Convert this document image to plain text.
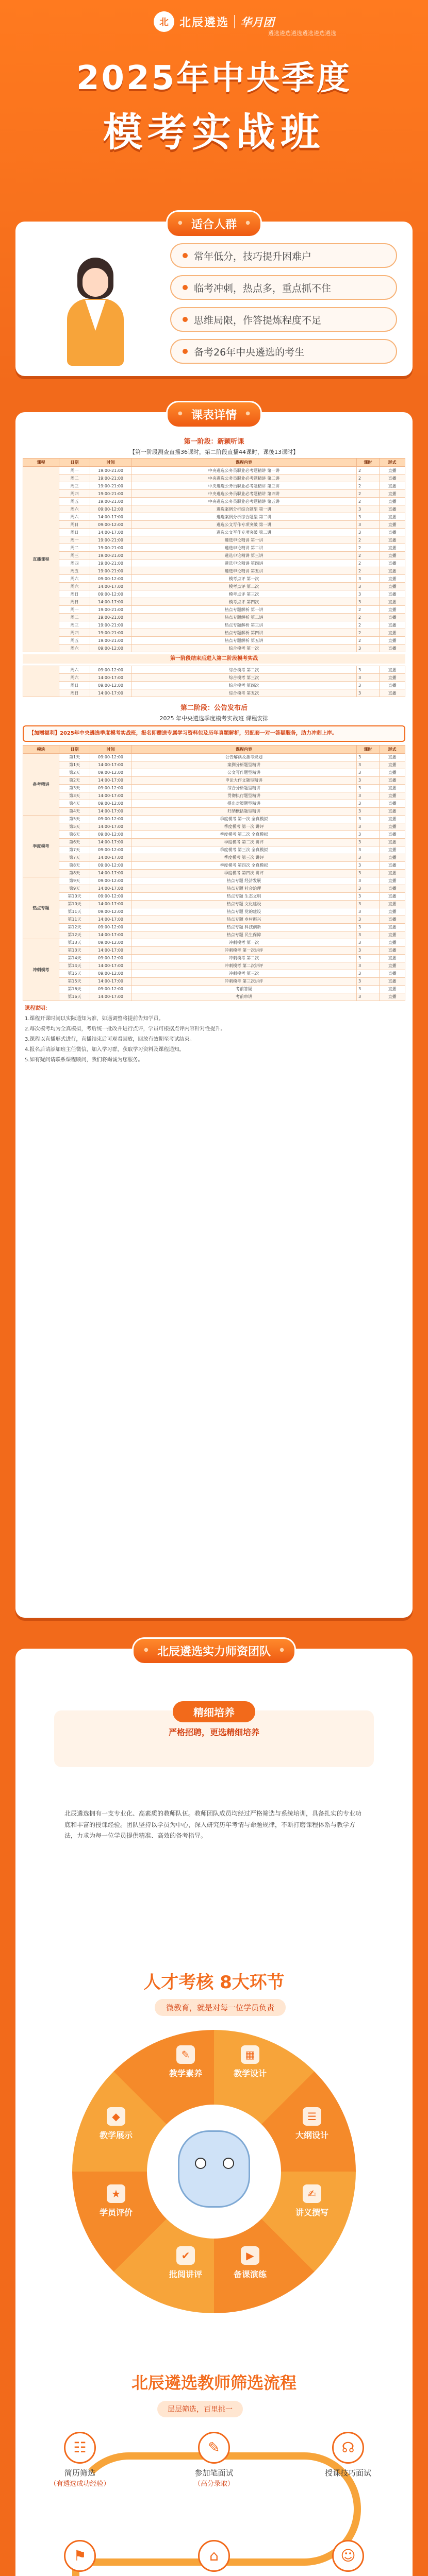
北 北辰遴选 华月团
遴选遴选遴选遴选遴选遴选
2025年中央季度
模考实战班
● 适合人群 ●
常年低分，技巧提升困难户
临考冲刺，热点多，重点抓不住
思维局限，作答提炼程度不足
备考26年中央遴选的考生
● 课表详情 ●
第一阶段：新颖听课
【第一阶段测查直播36课时，第二阶段直播44课时，课後13课时】
课程	日期	时间	课程内容	课时	形式
直播课程	周一	19:00-21:00	中央遴选公务员职业必考题精讲 第一讲	2	直播
	周二	19:00-21:00	中央遴选公务员职业必考题精讲 第二讲	2	直播
	周三	19:00-21:00	中央遴选公务员职业必考题精讲 第三讲	2	直播
	周四	19:00-21:00	中央遴选公务员职业必考题精讲 第四讲	2	直播
	周五	19:00-21:00	中央遴选公务员职业必考题精讲 第五讲	2	直播
	周六	09:00-12:00	遴选案例分析综合题型 第一讲	3	直播
	周六	14:00-17:00	遴选案例分析综合题型 第二讲	3	直播
	周日	09:00-12:00	遴选公文写作专项突破 第一讲	3	直播
	周日	14:00-17:00	遴选公文写作专项突破 第二讲	3	直播
	周一	19:00-21:00	遴选申论精讲 第一讲	2	直播
	周二	19:00-21:00	遴选申论精讲 第二讲	2	直播
	周三	19:00-21:00	遴选申论精讲 第三讲	2	直播
	周四	19:00-21:00	遴选申论精讲 第四讲	2	直播
	周五	19:00-21:00	遴选申论精讲 第五讲	2	直播
	周六	09:00-12:00	模考点评 第一次	3	直播
	周六	14:00-17:00	模考点评 第二次	3	直播
	周日	09:00-12:00	模考点评 第三次	3	直播
	周日	14:00-17:00	模考点评 第四次	3	直播
	周一	19:00-21:00	热点专题解析 第一讲	2	直播
	周二	19:00-21:00	热点专题解析 第二讲	2	直播
	周三	19:00-21:00	热点专题解析 第三讲	2	直播
	周四	19:00-21:00	热点专题解析 第四讲	2	直播
	周五	19:00-21:00	热点专题解析 第五讲	2	直播
	周六	09:00-12:00	综合模考 第一次	3	直播
第一阶段结束后进入第二阶段模考实战
	周六	09:00-12:00	综合模考 第二次	3	直播
	周六	14:00-17:00	综合模考 第三次	3	直播
	周日	09:00-12:00	综合模考 第四次	3	直播
	周日	14:00-17:00	综合模考 第五次	3	直播
第二阶段：公告发布后
2025 年中央遴选季度模考实战班 课程安排
【加赠福利】2025年中央遴选季度模考实战班，报名即赠送专属学习资料包及历年真题解析，另配套一对一答疑服务，助力冲刺上岸。
模块	日期	时间	课程内容	课时	形式
备考精讲	第1天	09:00-12:00	公告解读及备考规划	3	直播
	第1天	14:00-17:00	案例分析题型精讲	3	直播
	第2天	09:00-12:00	公文写作题型精讲	3	直播
	第2天	14:00-17:00	申论大作文题型精讲	3	直播
	第3天	09:00-12:00	综合分析题型精讲	3	直播
	第3天	14:00-17:00	贯彻执行题型精讲	3	直播
	第4天	09:00-12:00	提出对策题型精讲	3	直播
	第4天	14:00-17:00	归纳概括题型精讲	3	直播
季度模考	第5天	09:00-12:00	季度模考 第一次 全真模拟	3	直播
	第5天	14:00-17:00	季度模考 第一次 讲评	3	直播
	第6天	09:00-12:00	季度模考 第二次 全真模拟	3	直播
	第6天	14:00-17:00	季度模考 第二次 讲评	3	直播
	第7天	09:00-12:00	季度模考 第三次 全真模拟	3	直播
	第7天	14:00-17:00	季度模考 第三次 讲评	3	直播
	第8天	09:00-12:00	季度模考 第四次 全真模拟	3	直播
	第8天	14:00-17:00	季度模考 第四次 讲评	3	直播
热点专题	第9天	09:00-12:00	热点专题 经济发展	3	直播
	第9天	14:00-17:00	热点专题 社会治理	3	直播
	第10天	09:00-12:00	热点专题 生态文明	3	直播
	第10天	14:00-17:00	热点专题 文化建设	3	直播
	第11天	09:00-12:00	热点专题 党的建设	3	直播
	第11天	14:00-17:00	热点专题 乡村振兴	3	直播
	第12天	09:00-12:00	热点专题 科技创新	3	直播
	第12天	14:00-17:00	热点专题 民生保障	3	直播
冲刺模考	第13天	09:00-12:00	冲刺模考 第一次	3	直播
	第13天	14:00-17:00	冲刺模考 第一次讲评	3	直播
	第14天	09:00-12:00	冲刺模考 第二次	3	直播
	第14天	14:00-17:00	冲刺模考 第二次讲评	3	直播
	第15天	09:00-12:00	冲刺模考 第三次	3	直播
	第15天	14:00-17:00	冲刺模考 第三次讲评	3	直播
	第16天	09:00-12:00	考前答疑	3	直播
	第16天	14:00-17:00	考前串讲	3	直播

课程说明：

1.课程开课时间以实际通知为准，如遇调整将提前告知学员。

2.每次模考均为全真模拟，考后统一批改并进行点评，学员可根据点评内容针对性提升。

3.课程以直播形式进行，直播结束后可观看回放，回放有效期至考试结束。

4.报名后请添加班主任微信，加入学习群，获取学习资料及课程通知。

5.如有疑问请联系课程顾问，我们将竭诚为您服务。

● 北辰遴选实力师资团队 ●
精细培养
严格招聘，更选精细培养
北辰遴选拥有一支专业化、高素质的教师队伍。教师团队成员均经过严格筛选与系统培训，具备扎实的专业功底和丰富的授课经验。团队坚持以学员为中心，深入研究历年考情与命题规律，不断打磨课程体系与教学方法，力求为每一位学员提供精准、高效的备考指导。
人才考核 8大环节
微教育，就是对每一位学员负责
✎
教学素养
▦
教学设计
☰
大纲设计
✍
讲义撰写
▶
备课演练
✔
批阅讲评
★
学员评价
◆
教学展示
北辰遴选教师筛选流程
层层筛选，百里挑一
☷
简历筛选
（有遴选成功经验）
✎
参加笔面试
（高分录取）
☊
授课技巧面试
⚑	⌂	☺
